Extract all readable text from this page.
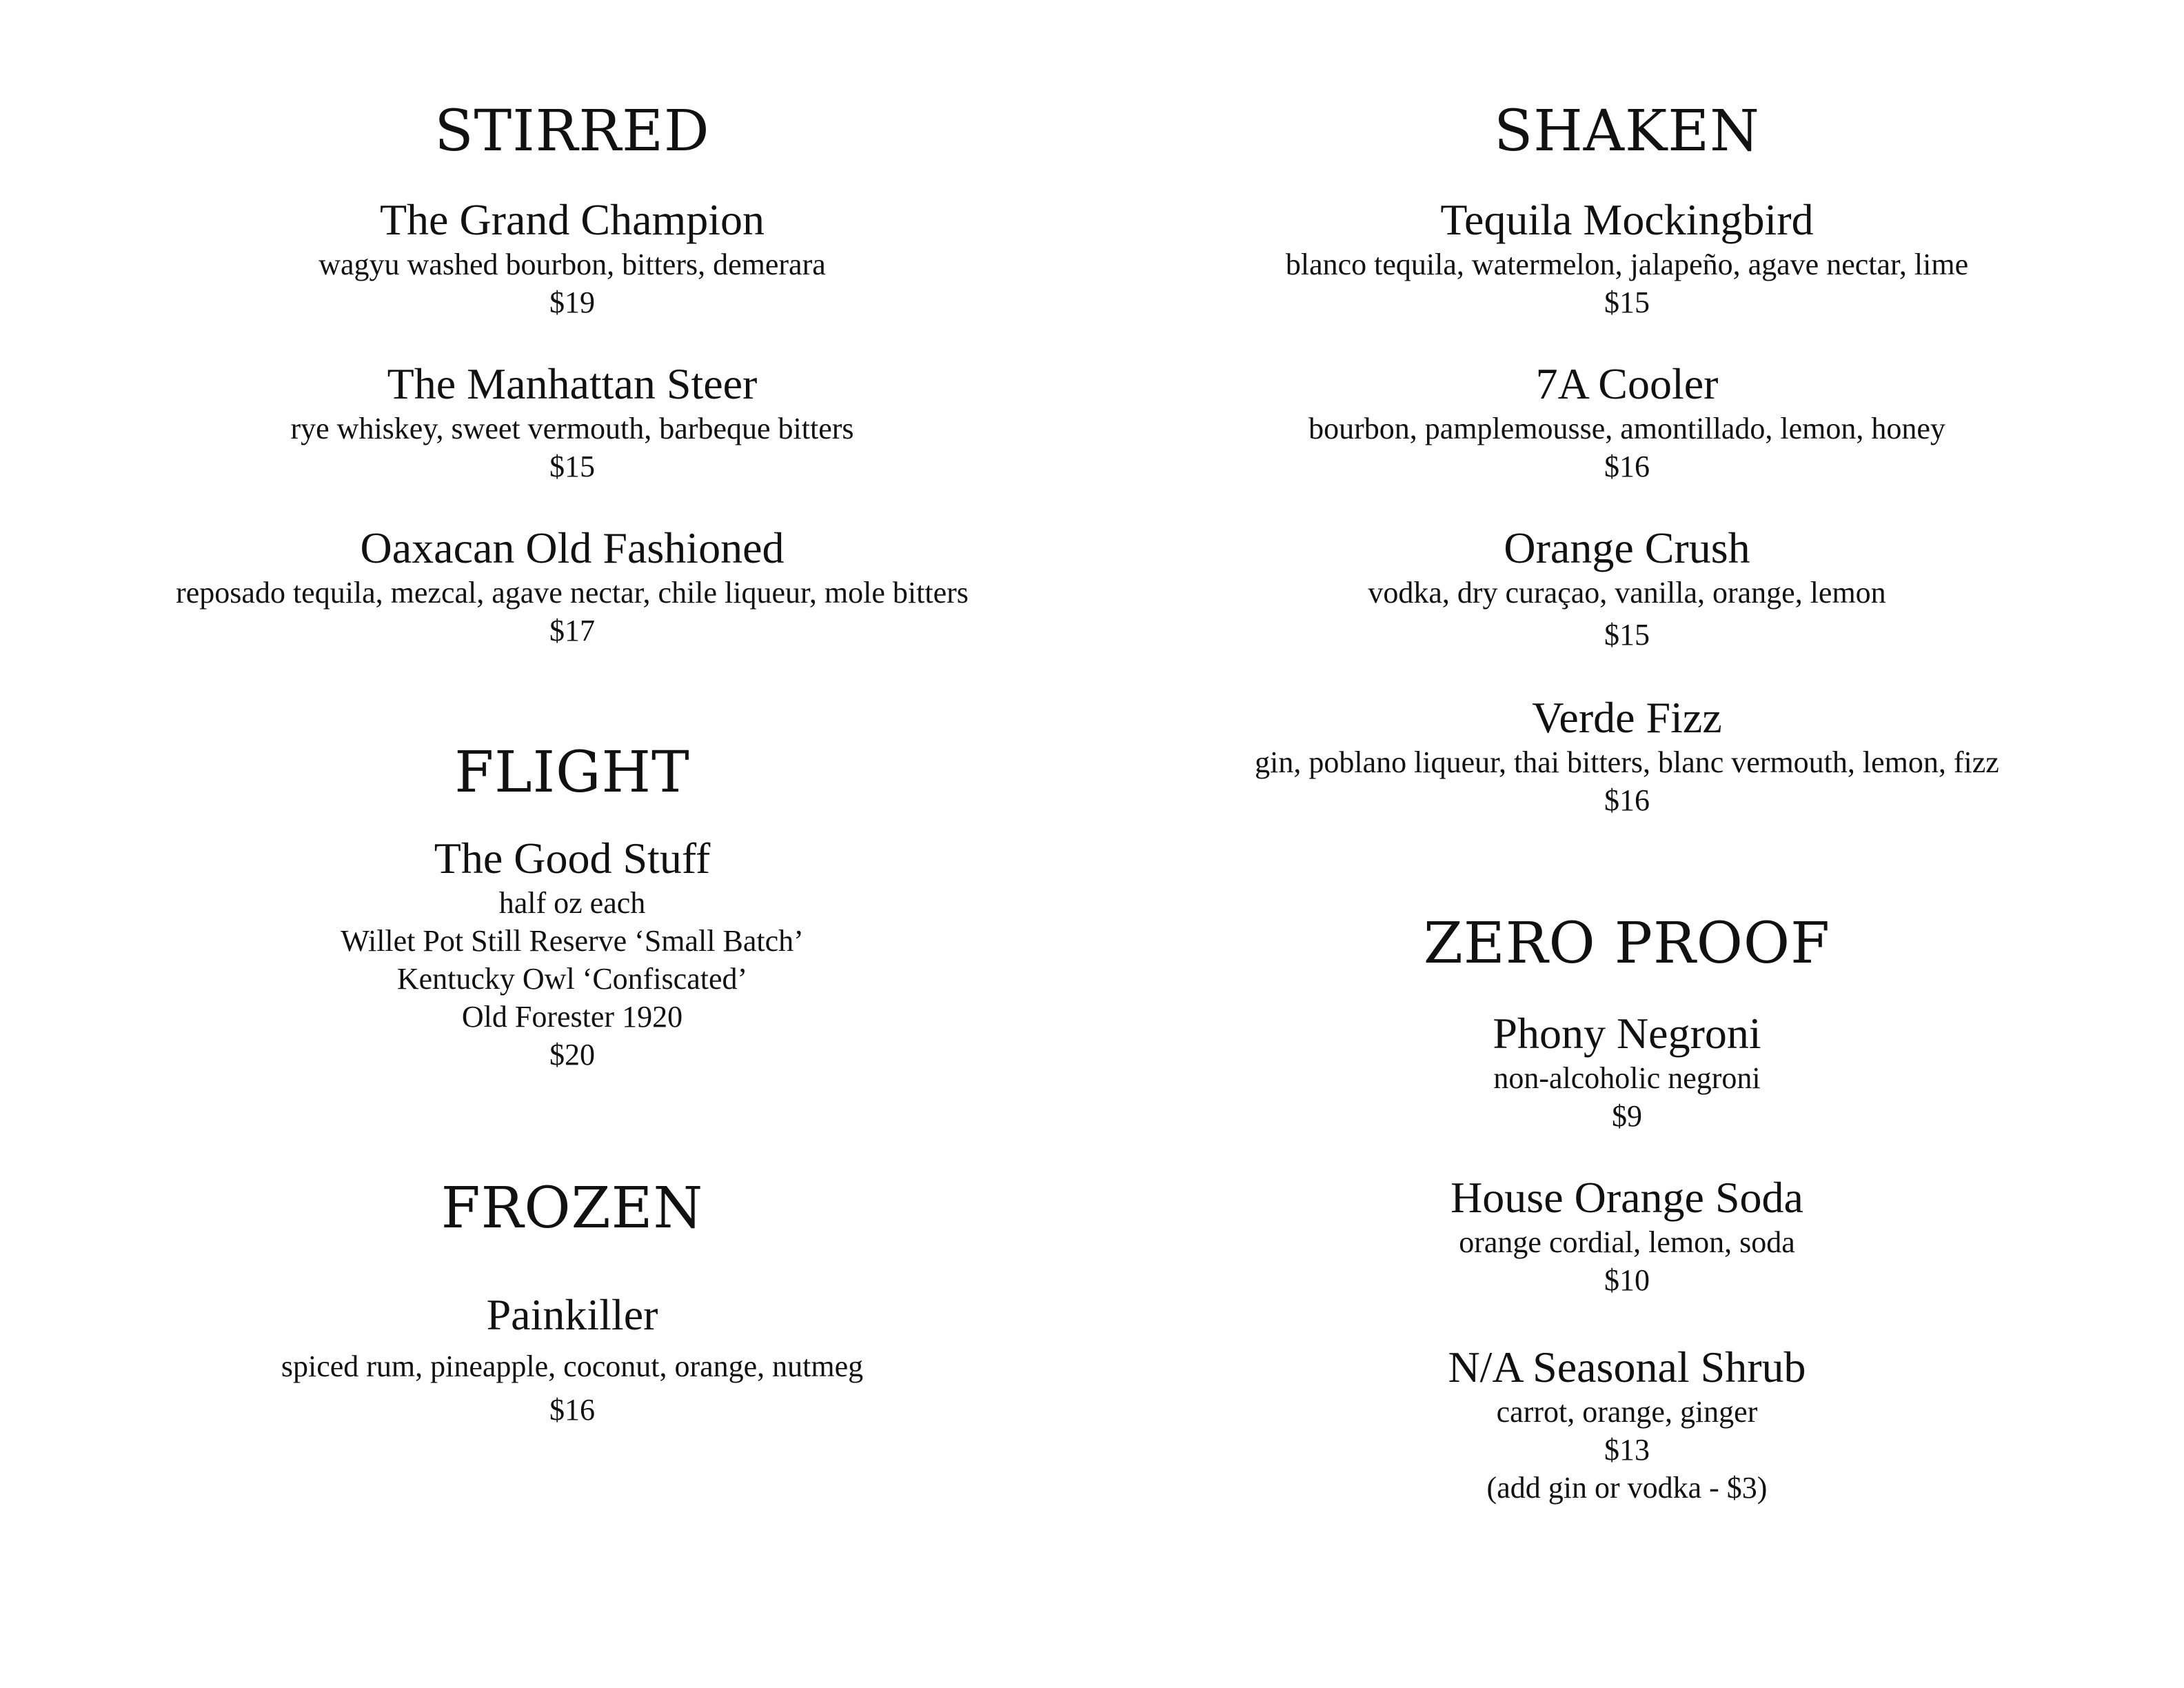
STIRRED
The Grand Champion
wagyu washed bourbon, bitters, demerara
$19
The Manhattan Steer
rye whiskey, sweet vermouth, barbeque bitters
$15
Oaxacan Old Fashioned
reposado tequila, mezcal, agave nectar, chile liqueur, mole bitters
$17
FLIGHT
The Good Stuff
half oz each
Willet Pot Still Reserve ‘Small Batch’
Kentucky Owl ‘Confiscated’
Old Forester 1920
$20
FROZEN
Painkiller
spiced rum, pineapple, coconut, orange, nutmeg
$16
SHAKEN
Tequila Mockingbird
blanco tequila, watermelon, jalapeño, agave nectar, lime
$15
7A Cooler
bourbon, pamplemousse, amontillado, lemon, honey
$16
Orange Crush
vodka, dry curaçao, vanilla, orange, lemon
$15
Verde Fizz
gin, poblano liqueur, thai bitters, blanc vermouth, lemon, fizz
$16
ZERO PROOF
Phony Negroni
non-alcoholic negroni
$9
House Orange Soda
orange cordial, lemon, soda
$10
N/A Seasonal Shrub
carrot, orange, ginger
$13
(add gin or vodka - $3)
